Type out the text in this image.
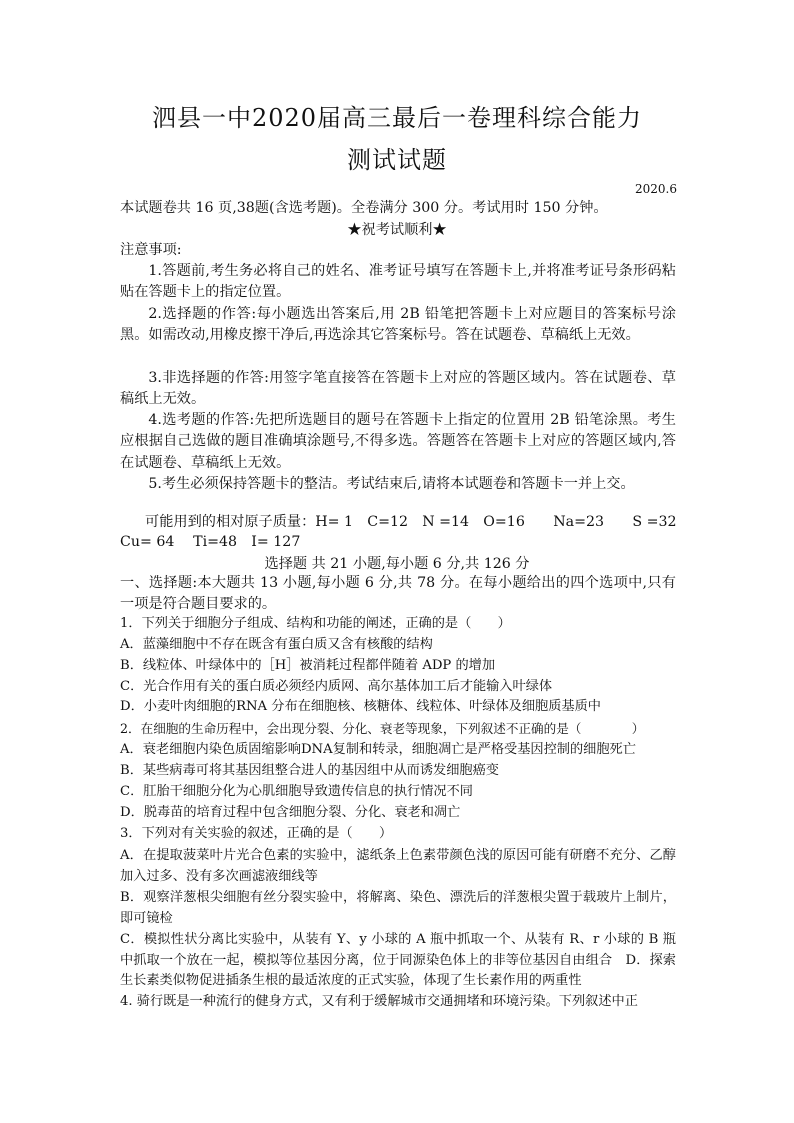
泗县一中2020届高三最后一卷理科综合能力
测试试题
2020.6
本试题卷共 16 页,38题(含选考题)。全卷满分 300 分。考试用时 150 分钟。
★祝考试顺利★
注意事项:
1.答题前,考生务必将自己的姓名、准考证号填写在答题卡上,并将准考证号条形码粘贴在答题卡上的指定位置。
2.选择题的作答:每小题选出答案后,用 2B 铅笔把答题卡上对应题目的答案标号涂黑。如需改动,用橡皮擦干净后,再选涂其它答案标号。答在试题卷、草稿纸上无效。
3.非选择题的作答:用签字笔直接答在答题卡上对应的答题区域内。答在试题卷、草稿纸上无效。
4.选考题的作答:先把所选题目的题号在答题卡上指定的位置用 2B 铅笔涂黑。考生应根据自己选做的题目准确填涂题号,不得多选。答题答在答题卡上对应的答题区域内,答在试题卷、草稿纸上无效。
5.考生必须保持答题卡的整洁。考试结束后,请将本试题卷和答题卡一并上交。
可能用到的相对原子质量：H= 1　C=12　N =14　O=16　　Na=23　　S =32
Cu= 64　 Ti=48　I= 127
选择题 共 21 小题,每小题 6 分,共 126 分
一、选择题:本大题共 13 小题,每小题 6 分,共 78 分。在每小题给出的四个选项中,只有一项是符合题目要求的。
1．下列关于细胞分子组成、结构和功能的阐述，正确的是（　　）
A．蓝藻细胞中不存在既含有蛋白质又含有核酸的结构
B．线粒体、叶绿体中的［H］被消耗过程都伴随着 ADP 的增加
C．光合作用有关的蛋白质必须经内质网、高尔基体加工后才能输入叶绿体
D．小麦叶肉细胞的RNA 分布在细胞核、核糖体、线粒体、叶绿体及细胞质基质中
2．在细胞的生命历程中，会出现分裂、分化、衰老等现象，下列叙述不正确的是（　　　　）
A．衰老细胞内染色质固缩影响DNA复制和转录，细胞凋亡是严格受基因控制的细胞死亡
B．某些病毒可将其基因组整合进人的基因组中从而诱发细胞癌变
C．肛胎干细胞分化为心肌细胞导致遗传信息的执行情况不同
D．脱毒苗的培育过程中包含细胞分裂、分化、衰老和凋亡
3．下列对有关实验的叙述，正确的是（　　）
A．在提取菠菜叶片光合色素的实验中，滤纸条上色素带颜色浅的原因可能有研磨不充分、乙醇加入过多、没有多次画滤液细线等
B．观察洋葱根尖细胞有丝分裂实验中，将解离、染色、漂洗后的洋葱根尖置于载玻片上制片，即可镜检
C．模拟性状分离比实验中，从装有 Y、y 小球的 A 瓶中抓取一个、从装有 R、r 小球的 B 瓶中抓取一个放在一起，模拟等位基因分离，位于同源染色体上的非等位基因自由组合　D．探索生长素类似物促进插条生根的最适浓度的正式实验，体现了生长素作用的两重性
4. 骑行既是一种流行的健身方式，又有利于缓解城市交通拥堵和环境污染。下列叙述中正
